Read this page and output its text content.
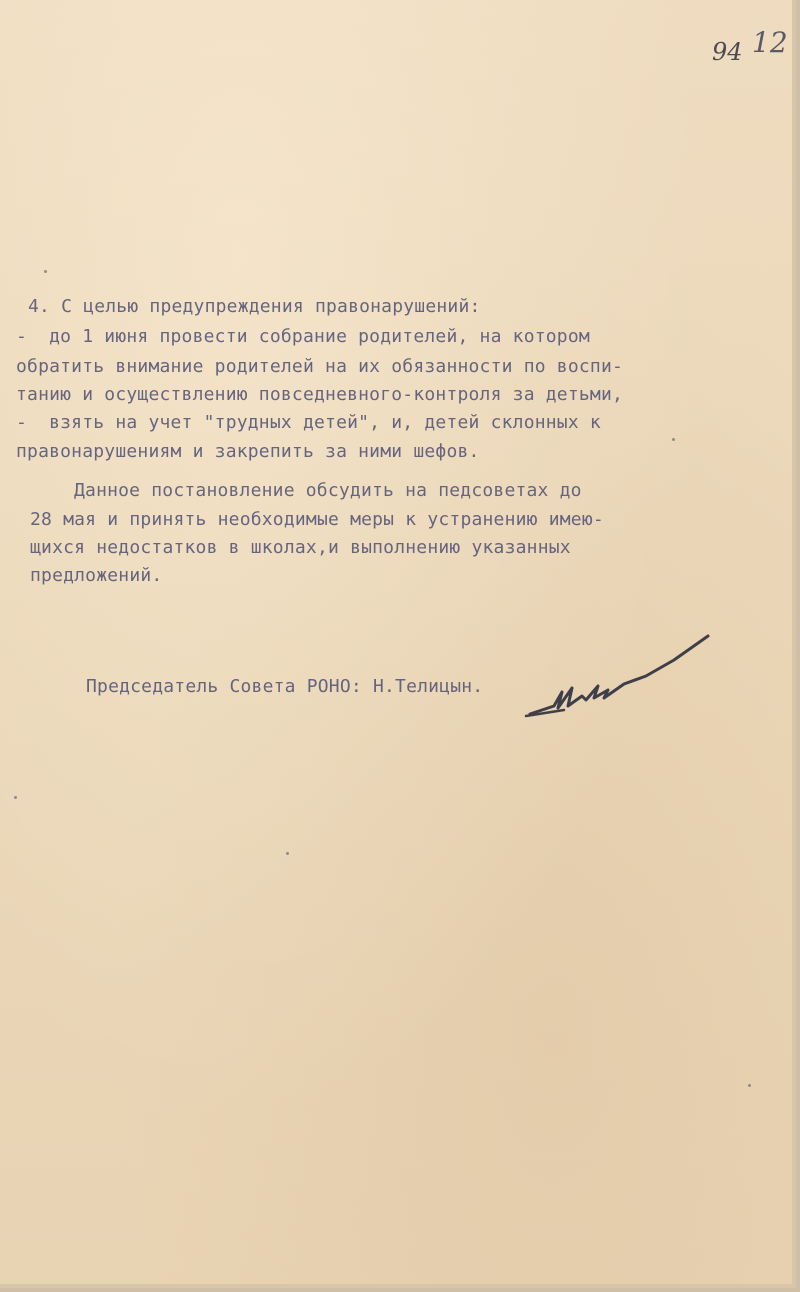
94 12

4. С целью предупреждения правонарушений:

-  до 1 июня провести собрание родителей, на котором

обратить внимание родителей на их обязанности по воспи-

танию и осуществлению повседневного-контроля за детьми,

-  взять на учет "трудных детей", и, детей склонных к

правонарушениям и закрепить за ними шефов.

Данное постановление обсудить на педсоветах до

28 мая и принять необходимые меры к устранению имею-

щихся недостатков в школах,и выполнению указанных

предложений.

Председатель Совета РОНО: Н.Телицын.
